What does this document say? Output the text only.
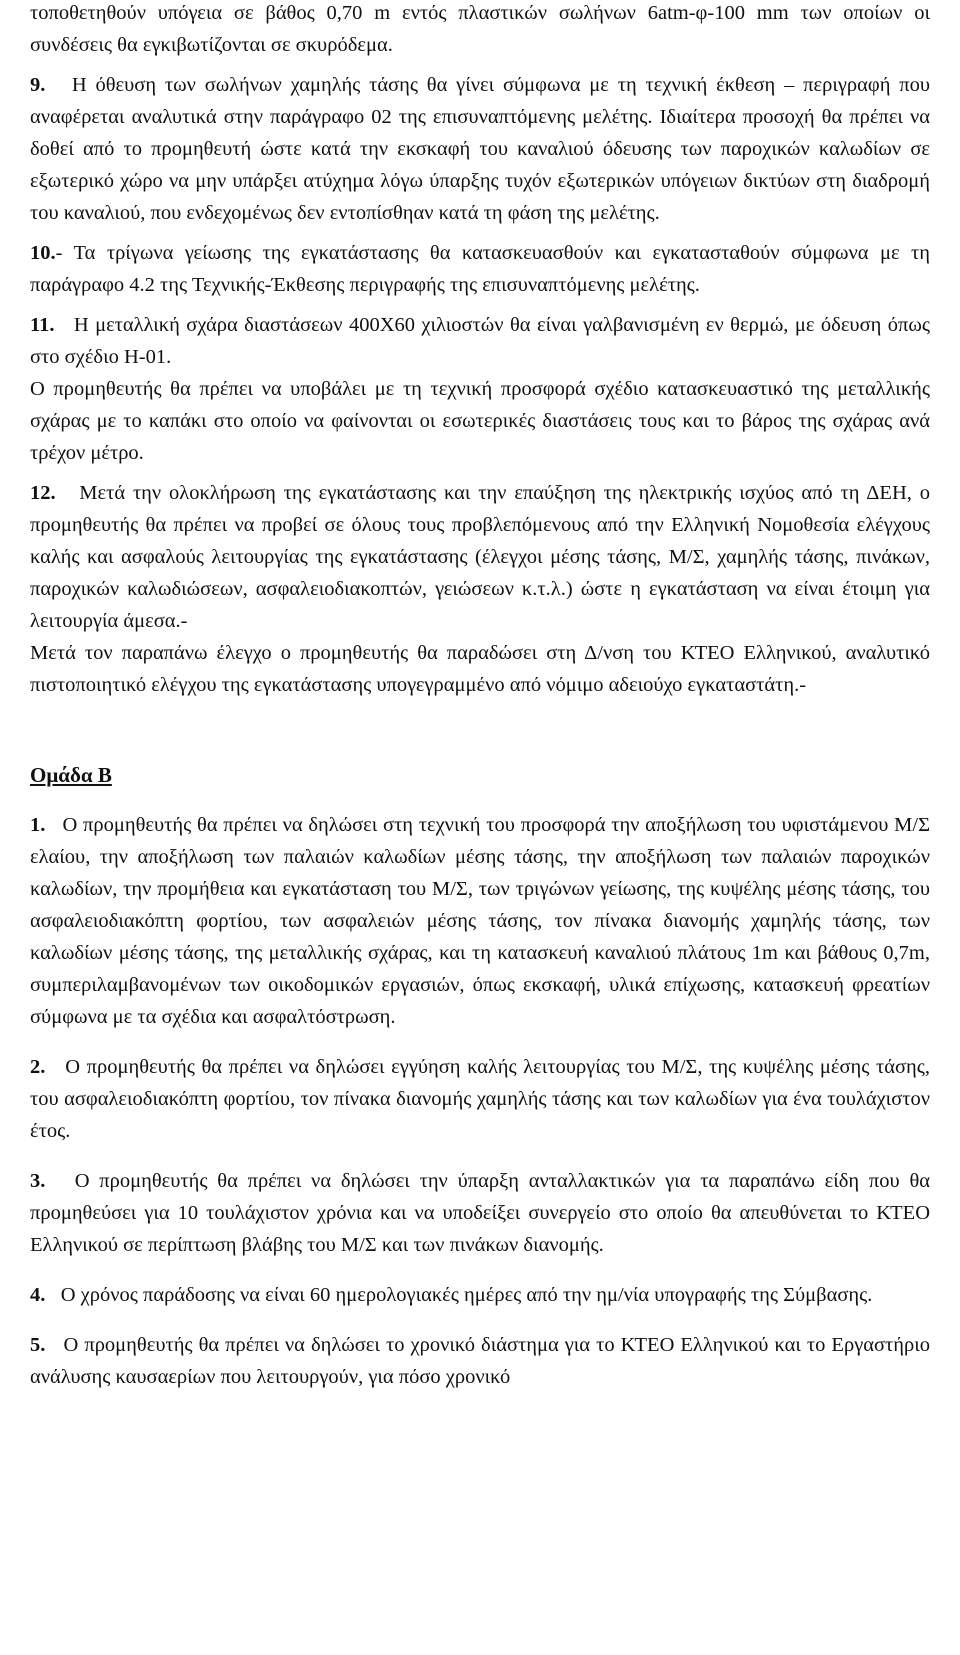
τοποθετηθούν υπόγεια σε βάθος 0,70 m εντός πλαστικών σωλήνων 6atm-φ-100 mm των οποίων οι συνδέσεις θα εγκιβωτίζονται σε σκυρόδεμα.

9. Η όθευση των σωλήνων χαμηλής τάσης θα γίνει σύμφωνα με τη τεχνική έκθεση – περιγραφή που αναφέρεται αναλυτικά στην παράγραφο 02 της επισυναπτόμενης μελέτης. Ιδιαίτερα προσοχή θα πρέπει να δοθεί από το προμηθευτή ώστε κατά την εκσκαφή του καναλιού όδευσης των παροχικών καλωδίων σε εξωτερικό χώρο να μην υπάρξει ατύχημα λόγω ύπαρξης τυχόν εξωτερικών υπόγειων δικτύων στη διαδρομή του καναλιού, που ενδεχομένως δεν εντοπίσθηαν κατά τη φάση της μελέτης.

10.- Τα τρίγωνα γείωσης της εγκατάστασης θα κατασκευασθούν και εγκατασταθούν σύμφωνα με τη παράγραφο 4.2 της Τεχνικής-Έκθεσης περιγραφής της επισυναπτόμενης μελέτης.

11. Η μεταλλική σχάρα διαστάσεων 400Χ60 χιλιοστών θα είναι γαλβανισμένη εν θερμώ, με όδευση όπως στο σχέδιο Η-01.

Ο προμηθευτής θα πρέπει να υποβάλει με τη τεχνική προσφορά σχέδιο κατασκευαστικό της μεταλλικής σχάρας με το καπάκι στο οποίο να φαίνονται οι εσωτερικές διαστάσεις τους και το βάρος της σχάρας ανά τρέχον μέτρο.

12. Μετά την ολοκλήρωση της εγκατάστασης και την επαύξηση της ηλεκτρικής ισχύος από τη ΔΕΗ, ο προμηθευτής θα πρέπει να προβεί σε όλους τους προβλεπόμενους από την Ελληνική Νομοθεσία ελέγχους καλής και ασφαλούς λειτουργίας της εγκατάστασης (έλεγχοι μέσης τάσης, Μ/Σ, χαμηλής τάσης, πινάκων, παροχικών καλωδιώσεων, ασφαλειοδιακοπτών, γειώσεων κ.τ.λ.) ώστε η εγκατάσταση να είναι έτοιμη για λειτουργία άμεσα.-

Μετά τον παραπάνω έλεγχο ο προμηθευτής θα παραδώσει στη Δ/νση του ΚΤΕΟ Ελληνικού, αναλυτικό πιστοποιητικό ελέγχου της εγκατάστασης υπογεγραμμένο από νόμιμο αδειούχο εγκαταστάτη.-

Ομάδα Β

1. Ο προμηθευτής θα πρέπει να δηλώσει στη τεχνική του προσφορά την αποξήλωση του υφιστάμενου Μ/Σ ελαίου, την αποξήλωση των παλαιών καλωδίων μέσης τάσης, την αποξήλωση των παλαιών παροχικών καλωδίων, την προμήθεια και εγκατάσταση του Μ/Σ, των τριγώνων γείωσης, της κυψέλης μέσης τάσης, του ασφαλειοδιακόπτη φορτίου, των ασφαλειών μέσης τάσης, τον πίνακα διανομής χαμηλής τάσης, των καλωδίων μέσης τάσης, της μεταλλικής σχάρας, και τη κατασκευή καναλιού πλάτους 1m και βάθους 0,7m, συμπεριλαμβανομένων των οικοδομικών εργασιών, όπως εκσκαφή, υλικά επίχωσης, κατασκευή φρεατίων σύμφωνα με τα σχέδια και ασφαλτόστρωση.

2. Ο προμηθευτής θα πρέπει να δηλώσει εγγύηση καλής λειτουργίας του Μ/Σ, της κυψέλης μέσης τάσης, του ασφαλειοδιακόπτη φορτίου, τον πίνακα διανομής χαμηλής τάσης και των καλωδίων για ένα τουλάχιστον έτος.

3. Ο προμηθευτής θα πρέπει να δηλώσει την ύπαρξη ανταλλακτικών για τα παραπάνω είδη που θα προμηθεύσει για 10 τουλάχιστον χρόνια και να υποδείξει συνεργείο στο οποίο θα απευθύνεται το ΚΤΕΟ Ελληνικού σε περίπτωση βλάβης του Μ/Σ και των πινάκων διανομής.

4. Ο χρόνος παράδοσης να είναι 60 ημερολογιακές ημέρες από την ημ/νία υπογραφής της Σύμβασης.

5. Ο προμηθευτής θα πρέπει να δηλώσει το χρονικό διάστημα για το ΚΤΕΟ Ελληνικού και το Εργαστήριο ανάλυσης καυσαερίων που λειτουργούν, για πόσο χρονικό
